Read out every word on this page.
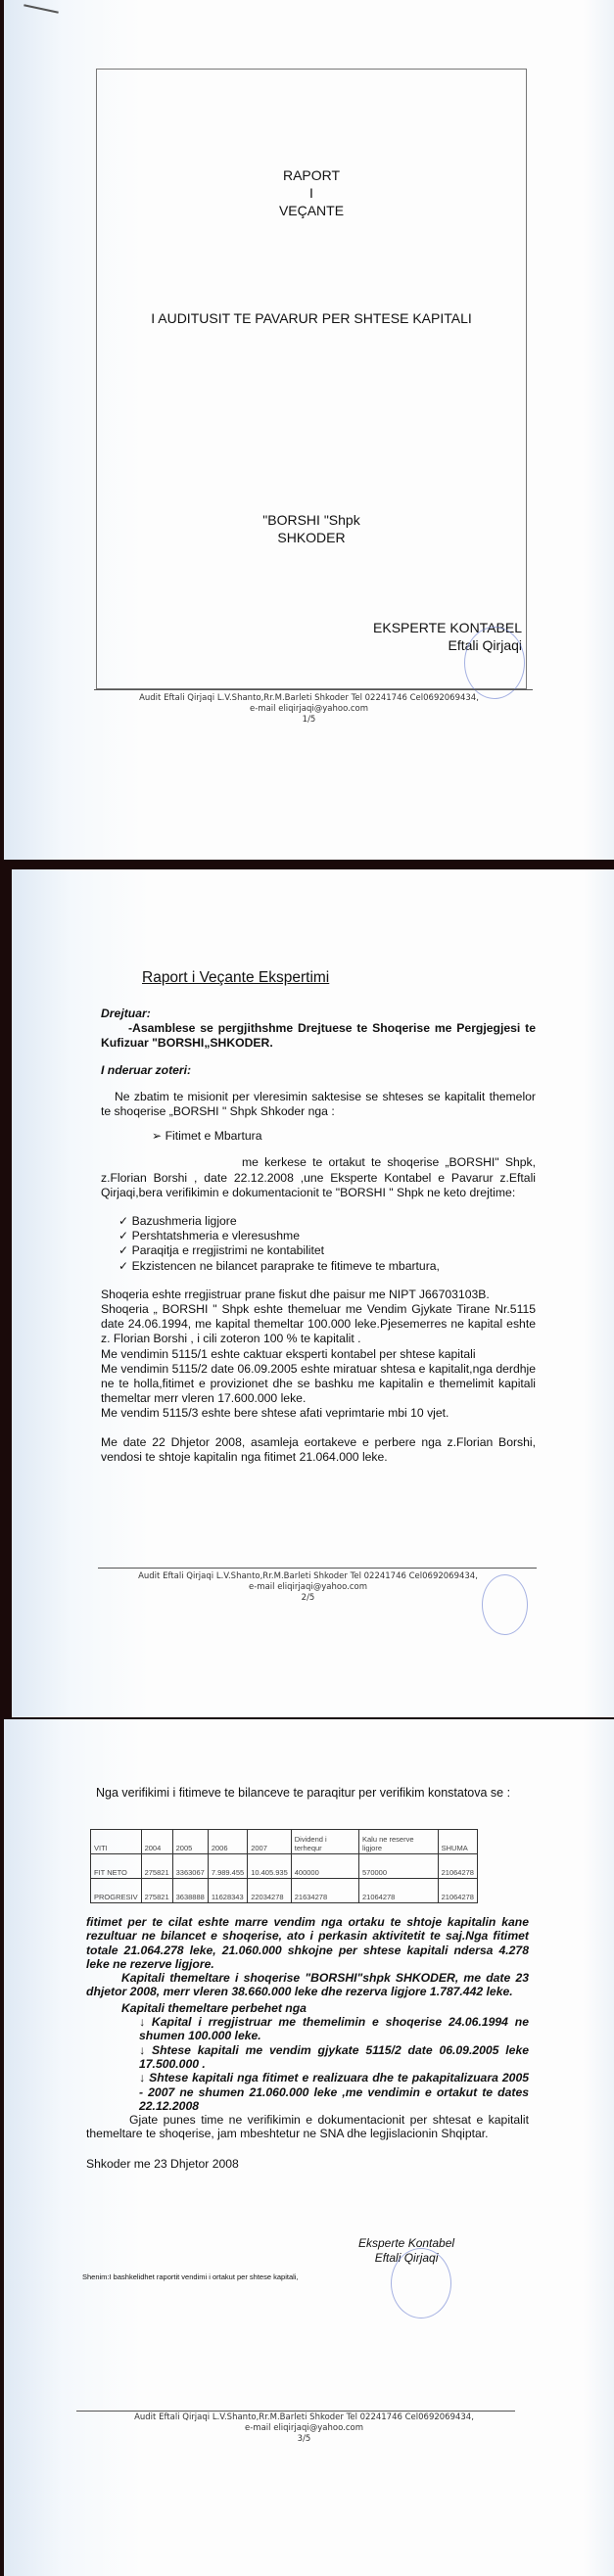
RAPORT
I
VEÇANTE
I AUDITUSIT TE PAVARUR PER SHTESE KAPITALI
"BORSHI "Shpk
SHKODER
EKSPERTE KONTABEL
Eftali Qirjaqi
Audit Eftali Qirjaqi L.V.Shanto,Rr.M.Barleti Shkoder Tel 02241746 Cel0692069434,
e-mail eliqirjaqi@yahoo.com
1/5
Raport i Veçante Ekspertimi

Drejtuar:

-Asamblese se pergjithshme Drejtuese te Shoqerise me Pergjegjesi te Kufizuar "BORSHI„SHKODER.

I nderuar zoteri:

Ne zbatim te misionit per vleresimin saktesise se shteses se kapitalit themelor te shoqerise „BORSHI " Shpk Shkoder nga :

➢ Fitimet e Mbartura

me kerkese te ortakut te shoqerise „BORSHI" Shpk, z.Florian Borshi , date 22.12.2008 ,une Eksperte Kontabel e Pavarur z.Eftali Qirjaqi,bera verifikimin e dokumentacionit te "BORSHI " Shpk ne keto drejtime:

✓ Bazushmeria ligjore
✓ Pershtatshmeria e vleresushme
✓ Paraqitja e rregjistrimi ne kontabilitet
✓ Ekzistencen ne bilancet paraprake te fitimeve te mbartura,

Shoqeria eshte rregjistruar prane fiskut dhe paisur me NIPT J66703103B.

Shoqeria „ BORSHI " Shpk eshte themeluar me Vendim Gjykate Tirane Nr.5115 date 24.06.1994, me kapital themeltar 100.000 leke.Pjesemerres ne kapital eshte z. Florian Borshi , i cili zoteron 100 % te kapitalit .

Me vendimin 5115/1 eshte caktuar eksperti kontabel per shtese kapitali

Me vendimin 5115/2 date 06.09.2005 eshte miratuar shtesa e kapitalit,nga derdhje ne te holla,fitimet e provizionet dhe se bashku me kapitalin e themelimit kapitali themeltar merr vleren 17.600.000 leke.

Me vendim 5115/3 eshte bere shtese afati veprimtarie mbi 10 vjet.

Me date 22 Dhjetor 2008, asamleja eortakeve e perbere nga z.Florian Borshi, vendosi te shtoje kapitalin nga fitimet 21.064.000 leke.

Audit Eftali Qirjaqi L.V.Shanto,Rr.M.Barleti Shkoder Tel 02241746 Cel0692069434,
e-mail eliqirjaqi@yahoo.com
2/5
Nga verifikimi i fitimeve te bilanceve te paraqitur per verifikim konstatova se :
VITI	2004	2005	2006	2007	Dividend i terhequr	Kalu ne reserve ligjore	SHUMA
FIT NETO	275821	3363067	7.989.455	10.405.935	400000	570000	21064278
PROGRESIV	275821	3638888	11628343	22034278	21634278	21064278	21064278

fitimet per te cilat eshte marre vendim nga ortaku te shtoje kapitalin kane rezultuar ne bilancet e shoqerise, ato i perkasin aktivitetit te saj.Nga fitimet totale 21.064.278 leke, 21.060.000 shkojne per shtese kapitali ndersa 4.278 leke ne rezerve ligjore.

Kapitali themeltare i shoqerise "BORSHI"shpk SHKODER, me date 23 dhjetor 2008, merr vleren 38.660.000 leke dhe rezerva ligjore 1.787.442 leke.

Kapitali themeltare perbehet nga

↓ Kapital i rregjistruar me themelimin e shoqerise 24.06.1994 ne shumen 100.000 leke.
↓ Shtese kapitali me vendim gjykate 5115/2 date 06.09.2005 leke 17.500.000 .
↓ Shtese kapitali nga fitimet e realizuara dhe te pakapitalizuara 2005 - 2007 ne shumen 21.060.000 leke ,me vendimin e ortakut te dates 22.12.2008

Gjate punes time ne verifikimin e dokumentacionit per shtesat e kapitalit themeltare te shoqerise, jam mbeshtetur ne SNA dhe legjislacionin Shqiptar.

Shkoder me 23 Dhjetor 2008

Eksperte Kontabel
Eftali Qirjaqi
Shenim:I bashkelidhet raportit vendimi i ortakut per shtese kapitali,
Audit Eftali Qirjaqi L.V.Shanto,Rr.M.Barleti Shkoder Tel 02241746 Cel0692069434,
e-mail eliqirjaqi@yahoo.com
3/5
